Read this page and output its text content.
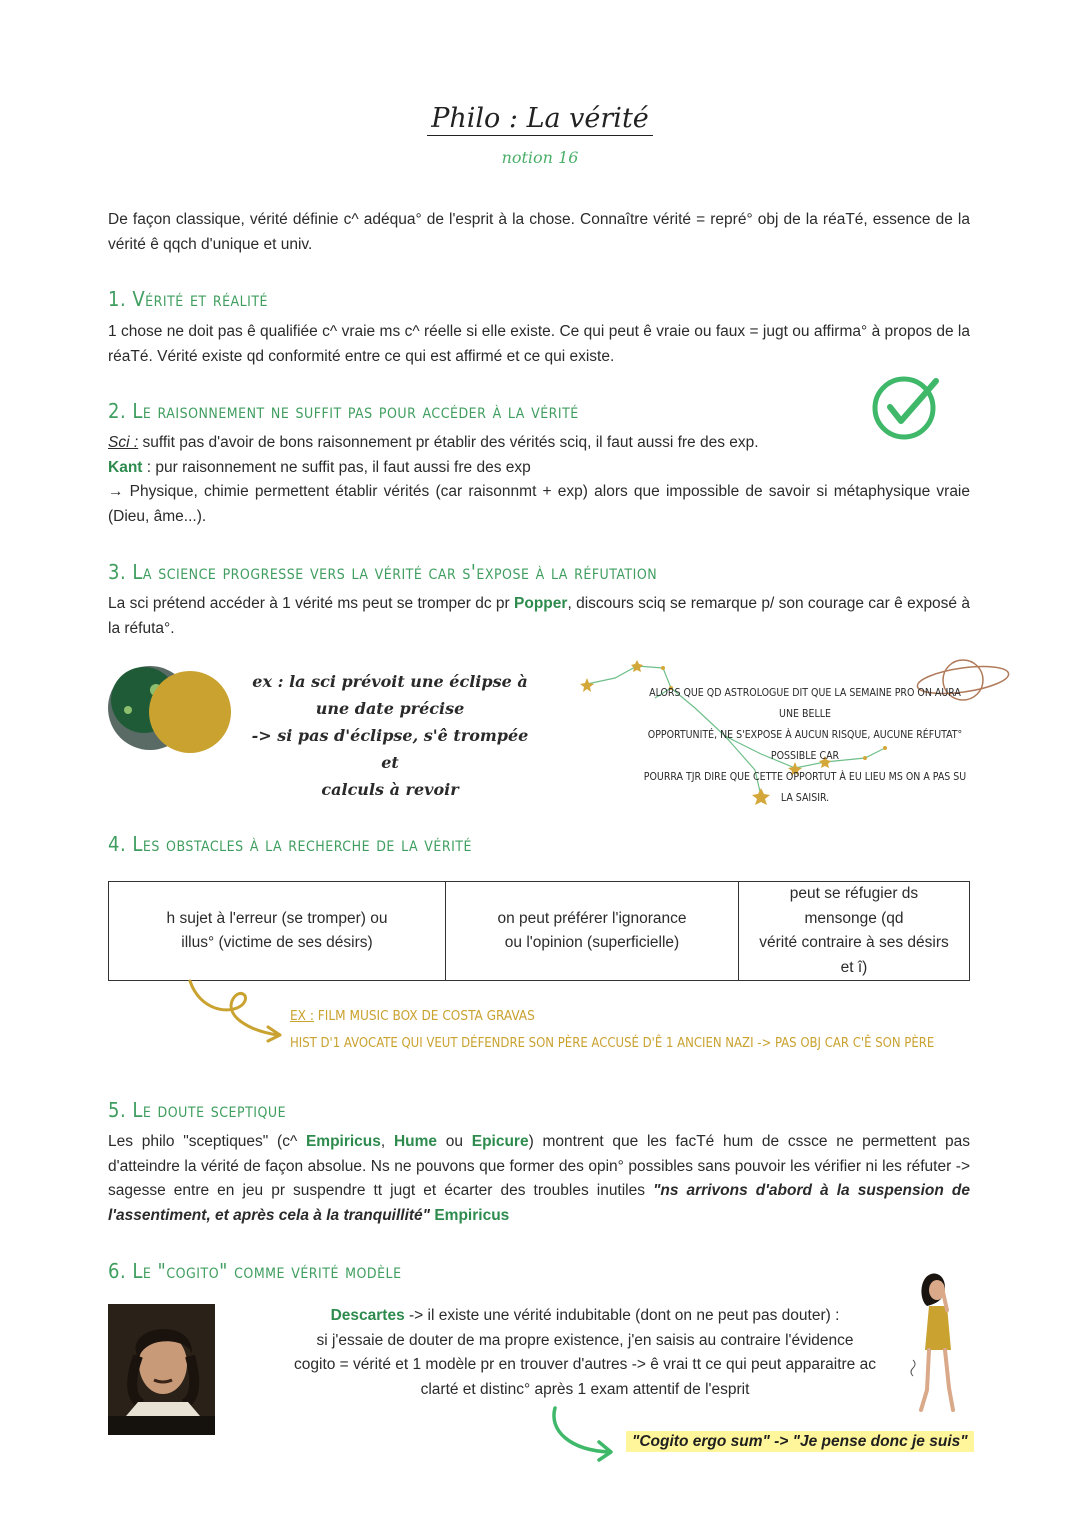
Philo : La vérité
notion 16
De façon classique, vérité définie c^ adéqua° de l'esprit à la chose. Connaître vérité = repré° obj de la réaTé, essence de la vérité ê qqch d'unique et univ.
1. Vérité et réalité
1 chose ne doit pas ê qualifiée c^ vraie ms c^ réelle si elle existe. Ce qui peut ê vraie ou faux = jugt ou affirma° à propos de la réaTé. Vérité existe qd conformité entre ce qui est affirmé et ce qui existe.
2. Le raisonnement ne suffit pas pour accéder à la vérité
Sci : suffit pas d'avoir de bons raisonnement pr établir des vérités sciq, il faut aussi fre des exp.
Kant : pur raisonnement ne suffit pas, il faut aussi fre des exp
→ Physique, chimie permettent établir vérités (car raisonnmt + exp) alors que impossible de savoir si métaphysique vraie (Dieu, âme...).
3. La science progresse vers la vérité car s'expose à la réfutation
La sci prétend accéder à 1 vérité ms peut se tromper dc pr Popper, discours sciq se remarque p/ son courage car ê exposé à la réfuta°.
ex : la sci prévoit une éclipse à
une date précise
-> si pas d'éclipse, s'ê trompée et
calculs à revoir
ALORS QUE QD ASTROLOGUE DIT QUE LA SEMAINE PRO ON AURA UNE BELLE
OPPORTUNITÉ, NE S'EXPOSE À AUCUN RISQUE, AUCUNE RÉFUTAT° POSSIBLE CAR
POURRA TJR DIRE QUE CETTE OPPORTUT À EU LIEU MS ON A PAS SU LA SAISIR.
4. Les obstacles à la recherche de la vérité
h sujet à l'erreur (se tromper) ou
illus° (victime de ses désirs)

on peut préférer l'ignorance
ou l'opinion (superficielle)

peut se réfugier ds mensonge (qd
vérité contraire à ses désirs et î)
EX : FILM MUSIC BOX DE COSTA GRAVAS
HIST D'1 AVOCATE QUI VEUT DÉFENDRE SON PÈRE ACCUSÉ D'Ê 1 ANCIEN NAZI -> PAS OBJ CAR C'Ê SON PÈRE
5. Le doute sceptique
Les philo "sceptiques" (c^ Empiricus, Hume ou Epicure) montrent que les facTé hum de cssce ne permettent pas d'atteindre la vérité de façon absolue. Ns ne pouvons que former des opin° possibles sans pouvoir les vérifier ni les réfuter -> sagesse entre en jeu pr suspendre tt jugt et écarter des troubles inutiles "ns arrivons d'abord à la suspension de l'assentiment, et après cela à la tranquillité" Empiricus
6. Le "cogito" comme vérité modèle
Descartes -> il existe une vérité indubitable (dont on ne peut pas douter) :
si j'essaie de douter de ma propre existence, j'en saisis au contraire l'évidence
cogito = vérité et 1 modèle pr en trouver d'autres -> ê vrai tt ce qui peut apparaitre ac
clarté et distinc° après 1 exam attentif de l'esprit
"Cogito ergo sum" -> "Je pense donc je suis"
